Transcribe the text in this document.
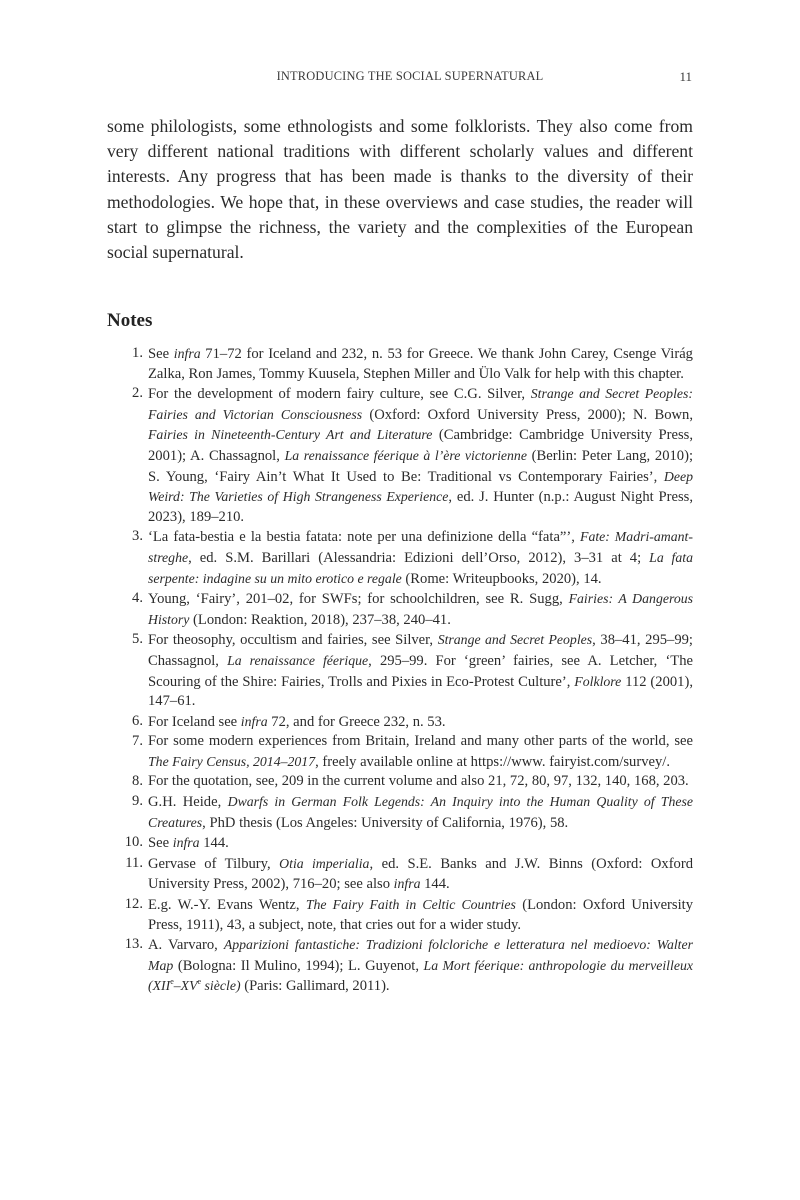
INTRODUCING THE SOCIAL SUPERNATURAL	11

some philologists, some ethnologists and some folklorists. They also come from very different national traditions with different scholarly values and different interests. Any progress that has been made is thanks to the diversity of their methodologies. We hope that, in these overviews and case studies, the reader will start to glimpse the richness, the variety and the complexities of the European social supernatural.

Notes
1. See infra 71–72 for Iceland and 232, n. 53 for Greece. We thank John Carey, Csenge Virág Zalka, Ron James, Tommy Kuusela, Stephen Miller and Ülo Valk for help with this chapter.
2. For the development of modern fairy culture, see C.G. Silver, Strange and Secret Peoples: Fairies and Victorian Consciousness (Oxford: Oxford University Press, 2000); N. Bown, Fairies in Nineteenth-Century Art and Literature (Cambridge: Cambridge University Press, 2001); A. Chassagnol, La renaissance féerique à l’ère victorienne (Berlin: Peter Lang, 2010); S. Young, ‘Fairy Ain’t What It Used to Be: Traditional vs Contemporary Fairies’, Deep Weird: The Varieties of High Strangeness Experience, ed. J. Hunter (n.p.: August Night Press, 2023), 189–210.
3. ‘La fata-bestia e la bestia fatata: note per una definizione della “fata”’, Fate: Madri-amant-streghe, ed. S.M. Barillari (Alessandria: Edizioni dell’Orso, 2012), 3–31 at 4; La fata serpente: indagine su un mito erotico e regale (Rome: Writeupbooks, 2020), 14.
4. Young, ‘Fairy’, 201–02, for SWFs; for schoolchildren, see R. Sugg, Fairies: A Dangerous History (London: Reaktion, 2018), 237–38, 240–41.
5. For theosophy, occultism and fairies, see Silver, Strange and Secret Peoples, 38–41, 295–99; Chassagnol, La renaissance féerique, 295–99. For ‘green’ fairies, see A. Letcher, ‘The Scouring of the Shire: Fairies, Trolls and Pixies in Eco-Protest Culture’, Folklore 112 (2001), 147–61.
6. For Iceland see infra 72, and for Greece 232, n. 53.
7. For some modern experiences from Britain, Ireland and many other parts of the world, see The Fairy Census, 2014–2017, freely available online at https://www. fairyist.com/survey/.
8. For the quotation, see, 209 in the current volume and also 21, 72, 80, 97, 132, 140, 168, 203.
9. G.H. Heide, Dwarfs in German Folk Legends: An Inquiry into the Human Quality of These Creatures, PhD thesis (Los Angeles: University of California, 1976), 58.
10. See infra 144.
11. Gervase of Tilbury, Otia imperialia, ed. S.E. Banks and J.W. Binns (Oxford: Oxford University Press, 2002), 716–20; see also infra 144.
12. E.g. W.-Y. Evans Wentz, The Fairy Faith in Celtic Countries (London: Oxford University Press, 1911), 43, a subject, note, that cries out for a wider study.
13. A. Varvaro, Apparizioni fantastiche: Tradizioni folcloriche e letteratura nel medioevo: Walter Map (Bologna: Il Mulino, 1994); L. Guyenot, La Mort féerique: anthropologie du merveilleux (XIIe–XVe siècle) (Paris: Gallimard, 2011).
